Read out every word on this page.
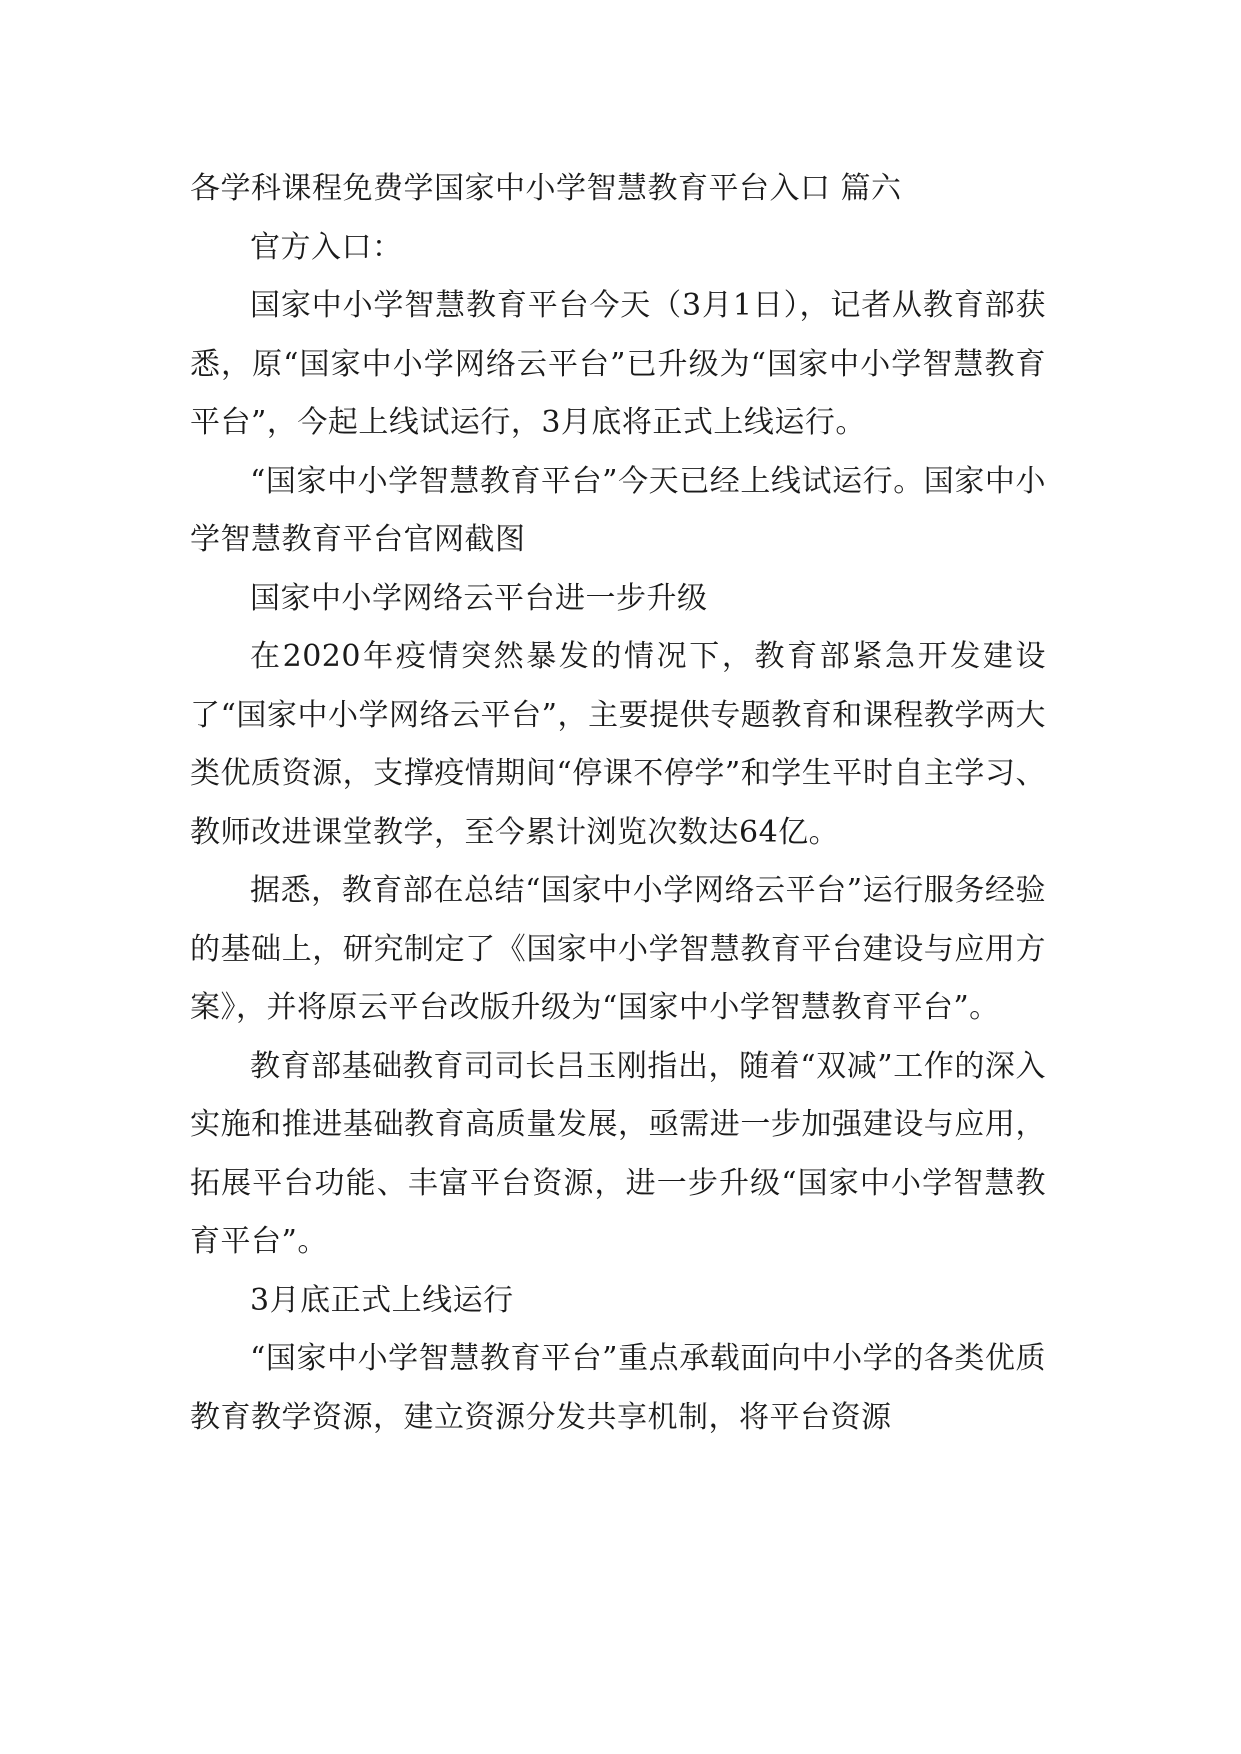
各学科课程免费学国家中小学智慧教育平台入口 篇六

官方入口：

国家中小学智慧教育平台今天（3月1日），记者从教育部获悉，原“国家中小学网络云平台”已升级为“国家中小学智慧教育平台”，今起上线试运行，3月底将正式上线运行。

“国家中小学智慧教育平台”今天已经上线试运行。国家中小学智慧教育平台官网截图

国家中小学网络云平台进一步升级

在2020年疫情突然暴发的情况下，教育部紧急开发建设了“国家中小学网络云平台”，主要提供专题教育和课程教学两大类优质资源，支撑疫情期间“停课不停学”和学生平时自主学习、教师改进课堂教学，至今累计浏览次数达64亿。

据悉，教育部在总结“国家中小学网络云平台”运行服务经验的基础上，研究制定了《国家中小学智慧教育平台建设与应用方案》，并将原云平台改版升级为“国家中小学智慧教育平台”。

教育部基础教育司司长吕玉刚指出，随着“双减”工作的深入实施和推进基础教育高质量发展，亟需进一步加强建设与应用，拓展平台功能、丰富平台资源，进一步升级“国家中小学智慧教育平台”。

3月底正式上线运行

“国家中小学智慧教育平台”重点承载面向中小学的各类优质教育教学资源，建立资源分发共享机制，将平台资源
